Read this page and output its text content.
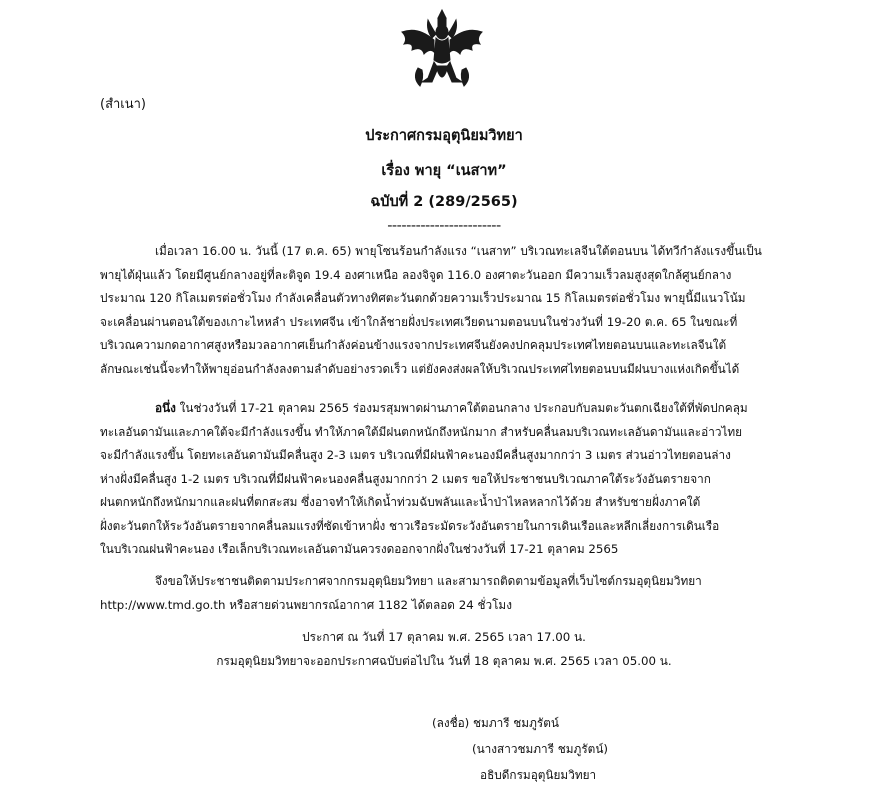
(สำเนา)
ประกาศกรมอุตุนิยมวิทยา
เรื่อง พายุ “เนสาท”
ฉบับที่ 2 (289/2565)
------------------------
เมื่อเวลา 16.00 น. วันนี้ (17 ต.ค. 65) พายุโซนร้อนกำลังแรง “เนสาท” บริเวณทะเลจีนใต้ตอนบน ได้ทวีกำลังแรงขึ้นเป็น
พายุไต้ฝุ่นแล้ว โดยมีศูนย์กลางอยู่ที่ละติจูด 19.4 องศาเหนือ ลองจิจูด 116.0 องศาตะวันออก มีความเร็วลมสูงสุดใกล้ศูนย์กลาง
ประมาณ 120 กิโลเมตรต่อชั่วโมง กำลังเคลื่อนตัวทางทิศตะวันตกด้วยความเร็วประมาณ 15 กิโลเมตรต่อชั่วโมง พายุนี้มีแนวโน้ม
จะเคลื่อนผ่านตอนใต้ของเกาะไหหลำ ประเทศจีน เข้าใกล้ชายฝั่งประเทศเวียดนามตอนบนในช่วงวันที่ 19-20 ต.ค. 65 ในขณะที่
บริเวณความกดอากาศสูงหรือมวลอากาศเย็นกำลังค่อนข้างแรงจากประเทศจีนยังคงปกคลุมประเทศไทยตอนบนและทะเลจีนใต้
ลักษณะเช่นนี้จะทำให้พายุอ่อนกำลังลงตามลำดับอย่างรวดเร็ว แต่ยังคงส่งผลให้บริเวณประเทศไทยตอนบนมีฝนบางแห่งเกิดขึ้นได้
อนึ่ง ในช่วงวันที่ 17-21 ตุลาคม 2565 ร่องมรสุมพาดผ่านภาคใต้ตอนกลาง ประกอบกับลมตะวันตกเฉียงใต้ที่พัดปกคลุม
ทะเลอันดามันและภาคใต้จะมีกำลังแรงขึ้น ทำให้ภาคใต้มีฝนตกหนักถึงหนักมาก สำหรับคลื่นลมบริเวณทะเลอันดามันและอ่าวไทย
จะมีกำลังแรงขึ้น โดยทะเลอันดามันมีคลื่นสูง 2-3 เมตร บริเวณที่มีฝนฟ้าคะนองมีคลื่นสูงมากกว่า 3 เมตร ส่วนอ่าวไทยตอนล่าง
ห่างฝั่งมีคลื่นสูง 1-2 เมตร บริเวณที่มีฝนฟ้าคะนองคลื่นสูงมากกว่า 2 เมตร ขอให้ประชาชนบริเวณภาคใต้ระวังอันตรายจาก
ฝนตกหนักถึงหนักมากและฝนที่ตกสะสม ซึ่งอาจทำให้เกิดน้ำท่วมฉับพลันและน้ำป่าไหลหลากไว้ด้วย สำหรับชายฝั่งภาคใต้
ฝั่งตะวันตกให้ระวังอันตรายจากคลื่นลมแรงที่ซัดเข้าหาฝั่ง ชาวเรือระมัดระวังอันตรายในการเดินเรือและหลีกเลี่ยงการเดินเรือ
ในบริเวณฝนฟ้าคะนอง เรือเล็กบริเวณทะเลอันดามันควรงดออกจากฝั่งในช่วงวันที่ 17-21 ตุลาคม 2565
จึงขอให้ประชาชนติดตามประกาศจากกรมอุตุนิยมวิทยา และสามารถติดตามข้อมูลที่เว็บไซต์กรมอุตุนิยมวิทยา
http://www.tmd.go.th หรือสายด่วนพยากรณ์อากาศ 1182 ได้ตลอด 24 ชั่วโมง
ประกาศ ณ วันที่ 17 ตุลาคม พ.ศ. 2565 เวลา 17.00 น.
กรมอุตุนิยมวิทยาจะออกประกาศฉบับต่อไปใน วันที่ 18 ตุลาคม พ.ศ. 2565 เวลา 05.00 น.
(ลงชื่อ) ชมภารี ชมภูรัตน์
(นางสาวชมภารี ชมภูรัตน์)
อธิบดีกรมอุตุนิยมวิทยา
